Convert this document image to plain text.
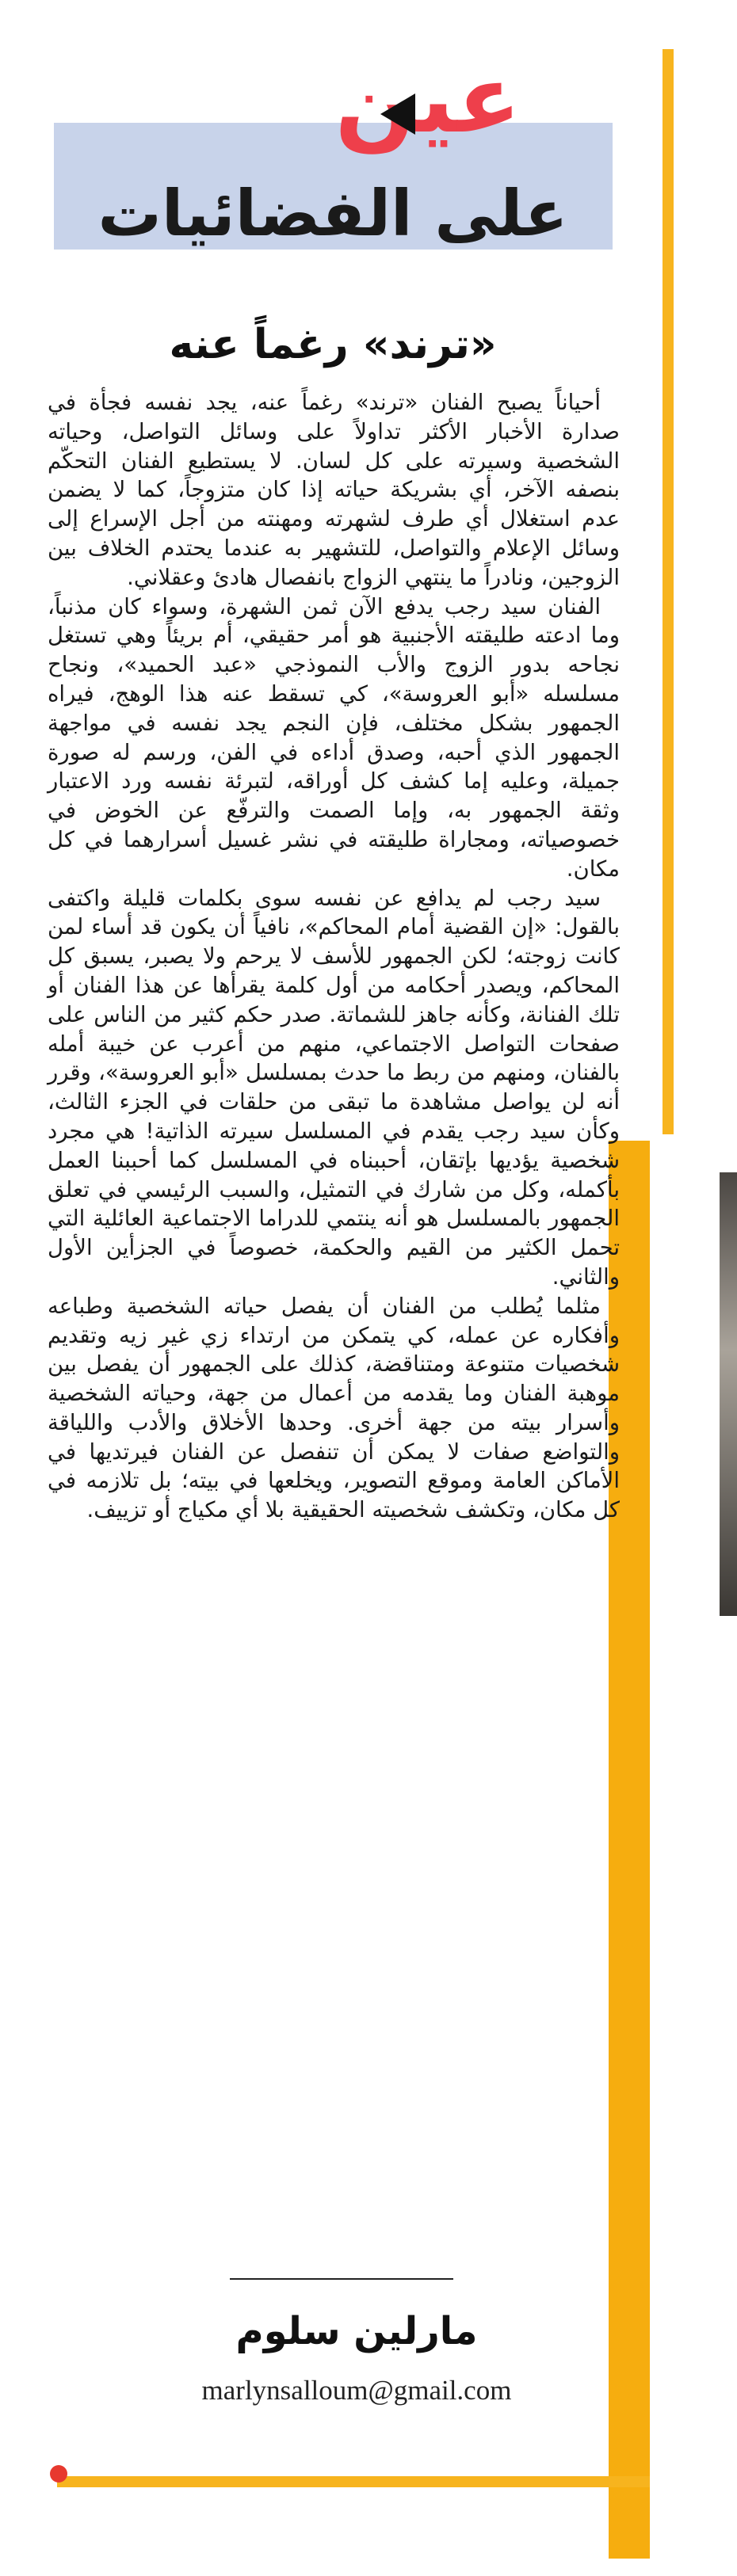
عين
على الفضائيات
«ترند» رغماً عنه

أحياناً يصبح الفنان «ترند» رغماً عنه، يجد نفسه فجأة في صدارة الأخبار الأكثر تداولاً على وسائل التواصل، وحياته الشخصية وسيرته على كل لسان. لا يستطيع الفنان التحكّم بنصفه الآخر، أي بشريكة حياته إذا كان متزوجاً، كما لا يضمن عدم استغلال أي طرف لشهرته ومهنته من أجل الإسراع إلى وسائل الإعلام والتواصل، للتشهير به عندما يحتدم الخلاف بين الزوجين، ونادراً ما ينتهي الزواج بانفصال هادئ وعقلاني.

الفنان سيد رجب يدفع الآن ثمن الشهرة، وسواء كان مذنباً، وما ادعته طليقته الأجنبية هو أمر حقيقي، أم بريئاً وهي تستغل نجاحه بدور الزوج والأب النموذجي «عبد الحميد»، ونجاح مسلسله «أبو العروسة»، كي تسقط عنه هذا الوهج، فيراه الجمهور بشكل مختلف، فإن النجم يجد نفسه في مواجهة الجمهور الذي أحبه، وصدق أداءه في الفن، ورسم له صورة جميلة، وعليه إما كشف كل أوراقه، لتبرئة نفسه ورد الاعتبار وثقة الجمهور به، وإما الصمت والترفّع عن الخوض في خصوصياته، ومجاراة طليقته في نشر غسيل أسرارهما في كل مكان.

سيد رجب لم يدافع عن نفسه سوى بكلمات قليلة واكتفى بالقول: «إن القضية أمام المحاكم»، نافياً أن يكون قد أساء لمن كانت زوجته؛ لكن الجمهور للأسف لا يرحم ولا يصبر، يسبق كل المحاكم، ويصدر أحكامه من أول كلمة يقرأها عن هذا الفنان أو تلك الفنانة، وكأنه جاهز للشماتة. صدر حكم كثير من الناس على صفحات التواصل الاجتماعي، منهم من أعرب عن خيبة أمله بالفنان، ومنهم من ربط ما حدث بمسلسل «أبو العروسة»، وقرر أنه لن يواصل مشاهدة ما تبقى من حلقات في الجزء الثالث، وكأن سيد رجب يقدم في المسلسل سيرته الذاتية! هي مجرد شخصية يؤديها بإتقان، أحببناه في المسلسل كما أحببنا العمل بأكمله، وكل من شارك في التمثيل، والسبب الرئيسي في تعلق الجمهور بالمسلسل هو أنه ينتمي للدراما الاجتماعية العائلية التي تحمل الكثير من القيم والحكمة، خصوصاً في الجزأين الأول والثاني.

مثلما يُطلب من الفنان أن يفصل حياته الشخصية وطباعه وأفكاره عن عمله، كي يتمكن من ارتداء زي غير زيه وتقديم شخصيات متنوعة ومتناقضة، كذلك على الجمهور أن يفصل بين موهبة الفنان وما يقدمه من أعمال من جهة، وحياته الشخصية وأسرار بيته من جهة أخرى. وحدها الأخلاق والأدب واللياقة والتواضع صفات لا يمكن أن تنفصل عن الفنان فيرتديها في الأماكن العامة وموقع التصوير، ويخلعها في بيته؛ بل تلازمه في كل مكان، وتكشف شخصيته الحقيقية بلا أي مكياج أو تزييف.

مارلين سلوم
marlynsalloum@gmail.com
